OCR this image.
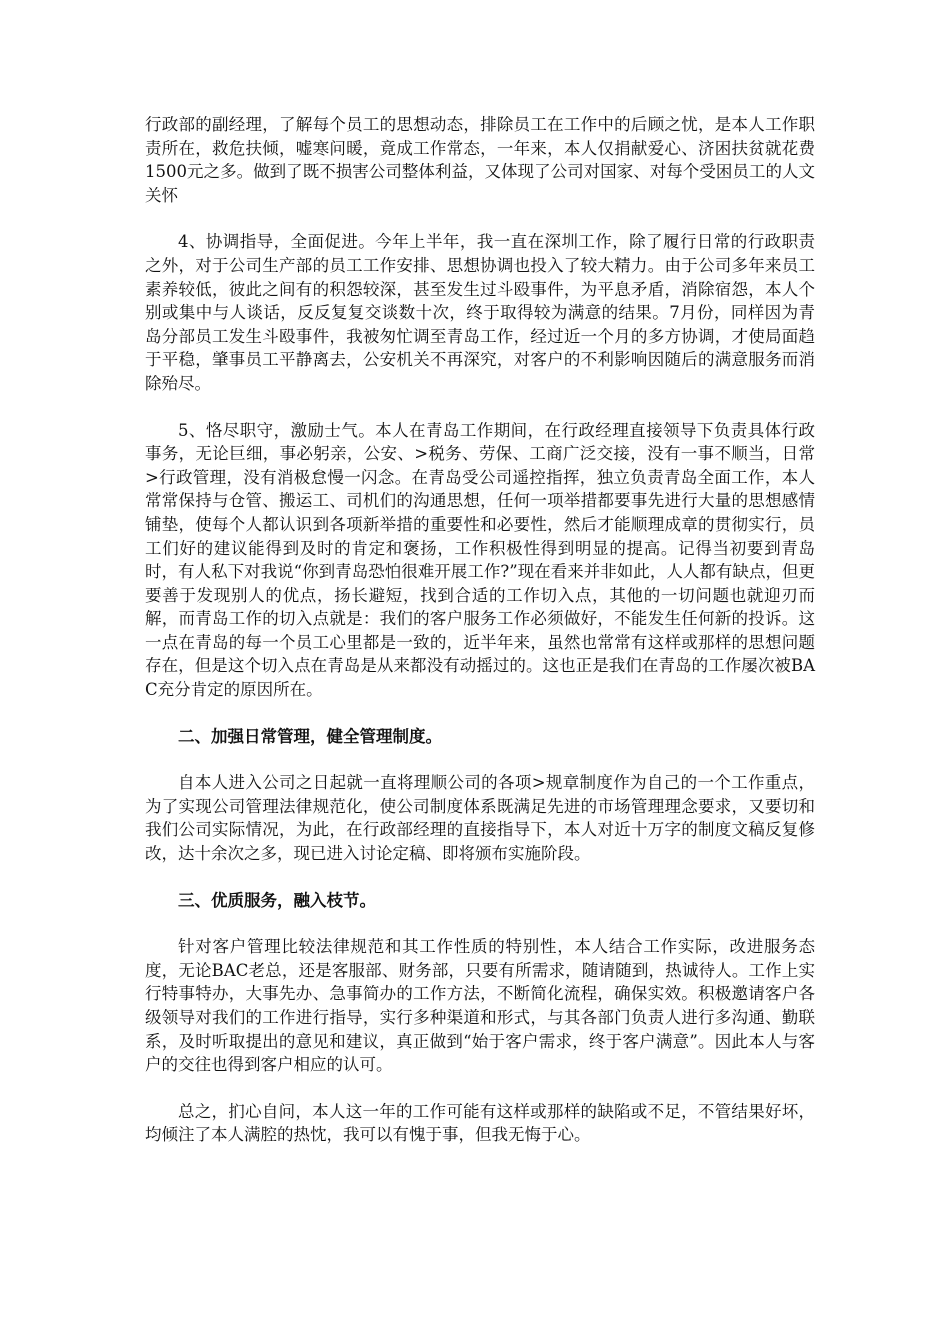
行政部的副经理，了解每个员工的思想动态，排除员工在工作中的后顾之忧，是本人工作职责所在，救危扶倾，嘘寒问暖，竟成工作常态，一年来，本人仅捐献爱心、济困扶贫就花费1500元之多。做到了既不损害公司整体利益，又体现了公司对国家、对每个受困员工的人文关怀

4、协调指导，全面促进。今年上半年，我一直在深圳工作，除了履行日常的行政职责之外，对于公司生产部的员工工作安排、思想协调也投入了较大精力。由于公司多年来员工素养较低，彼此之间有的积怨较深，甚至发生过斗殴事件，为平息矛盾，消除宿怨，本人个别或集中与人谈话，反反复复交谈数十次，终于取得较为满意的结果。7月份，同样因为青岛分部员工发生斗殴事件，我被匆忙调至青岛工作，经过近一个月的多方协调，才使局面趋于平稳，肇事员工平静离去，公安机关不再深究，对客户的不利影响因随后的满意服务而消除殆尽。

5、恪尽职守，激励士气。本人在青岛工作期间，在行政经理直接领导下负责具体行政事务，无论巨细，事必躬亲，公安、>税务、劳保、工商广泛交接，没有一事不顺当，日常>行政管理，没有消极怠慢一闪念。在青岛受公司遥控指挥，独立负责青岛全面工作，本人常常保持与仓管、搬运工、司机们的沟通思想，任何一项举措都要事先进行大量的思想感情铺垫，使每个人都认识到各项新举措的重要性和必要性，然后才能顺理成章的贯彻实行，员工们好的建议能得到及时的肯定和褒扬，工作积极性得到明显的提高。记得当初要到青岛时，有人私下对我说“你到青岛恐怕很难开展工作?”现在看来并非如此，人人都有缺点，但更要善于发现别人的优点，扬长避短，找到合适的工作切入点，其他的一切问题也就迎刃而解，而青岛工作的切入点就是：我们的客户服务工作必须做好，不能发生任何新的投诉。这一点在青岛的每一个员工心里都是一致的，近半年来，虽然也常常有这样或那样的思想问题存在，但是这个切入点在青岛是从来都没有动摇过的。这也正是我们在青岛的工作屡次被BAC充分肯定的原因所在。

二、加强日常管理，健全管理制度。

自本人进入公司之日起就一直将理顺公司的各项>规章制度作为自己的一个工作重点，为了实现公司管理法律规范化，使公司制度体系既满足先进的市场管理理念要求，又要切和我们公司实际情况，为此，在行政部经理的直接指导下，本人对近十万字的制度文稿反复修改，达十余次之多，现已进入讨论定稿、即将颁布实施阶段。

三、优质服务，融入枝节。

针对客户管理比较法律规范和其工作性质的特别性，本人结合工作实际，改进服务态度，无论BAC老总，还是客服部、财务部，只要有所需求，随请随到，热诚待人。工作上实行特事特办，大事先办、急事简办的工作方法，不断简化流程，确保实效。积极邀请客户各级领导对我们的工作进行指导，实行多种渠道和形式，与其各部门负责人进行多沟通、勤联系，及时听取提出的意见和建议，真正做到“始于客户需求，终于客户满意”。因此本人与客户的交往也得到客户相应的认可。

总之，扪心自问，本人这一年的工作可能有这样或那样的缺陷或不足，不管结果好坏，均倾注了本人满腔的热忱，我可以有愧于事，但我无悔于心。
